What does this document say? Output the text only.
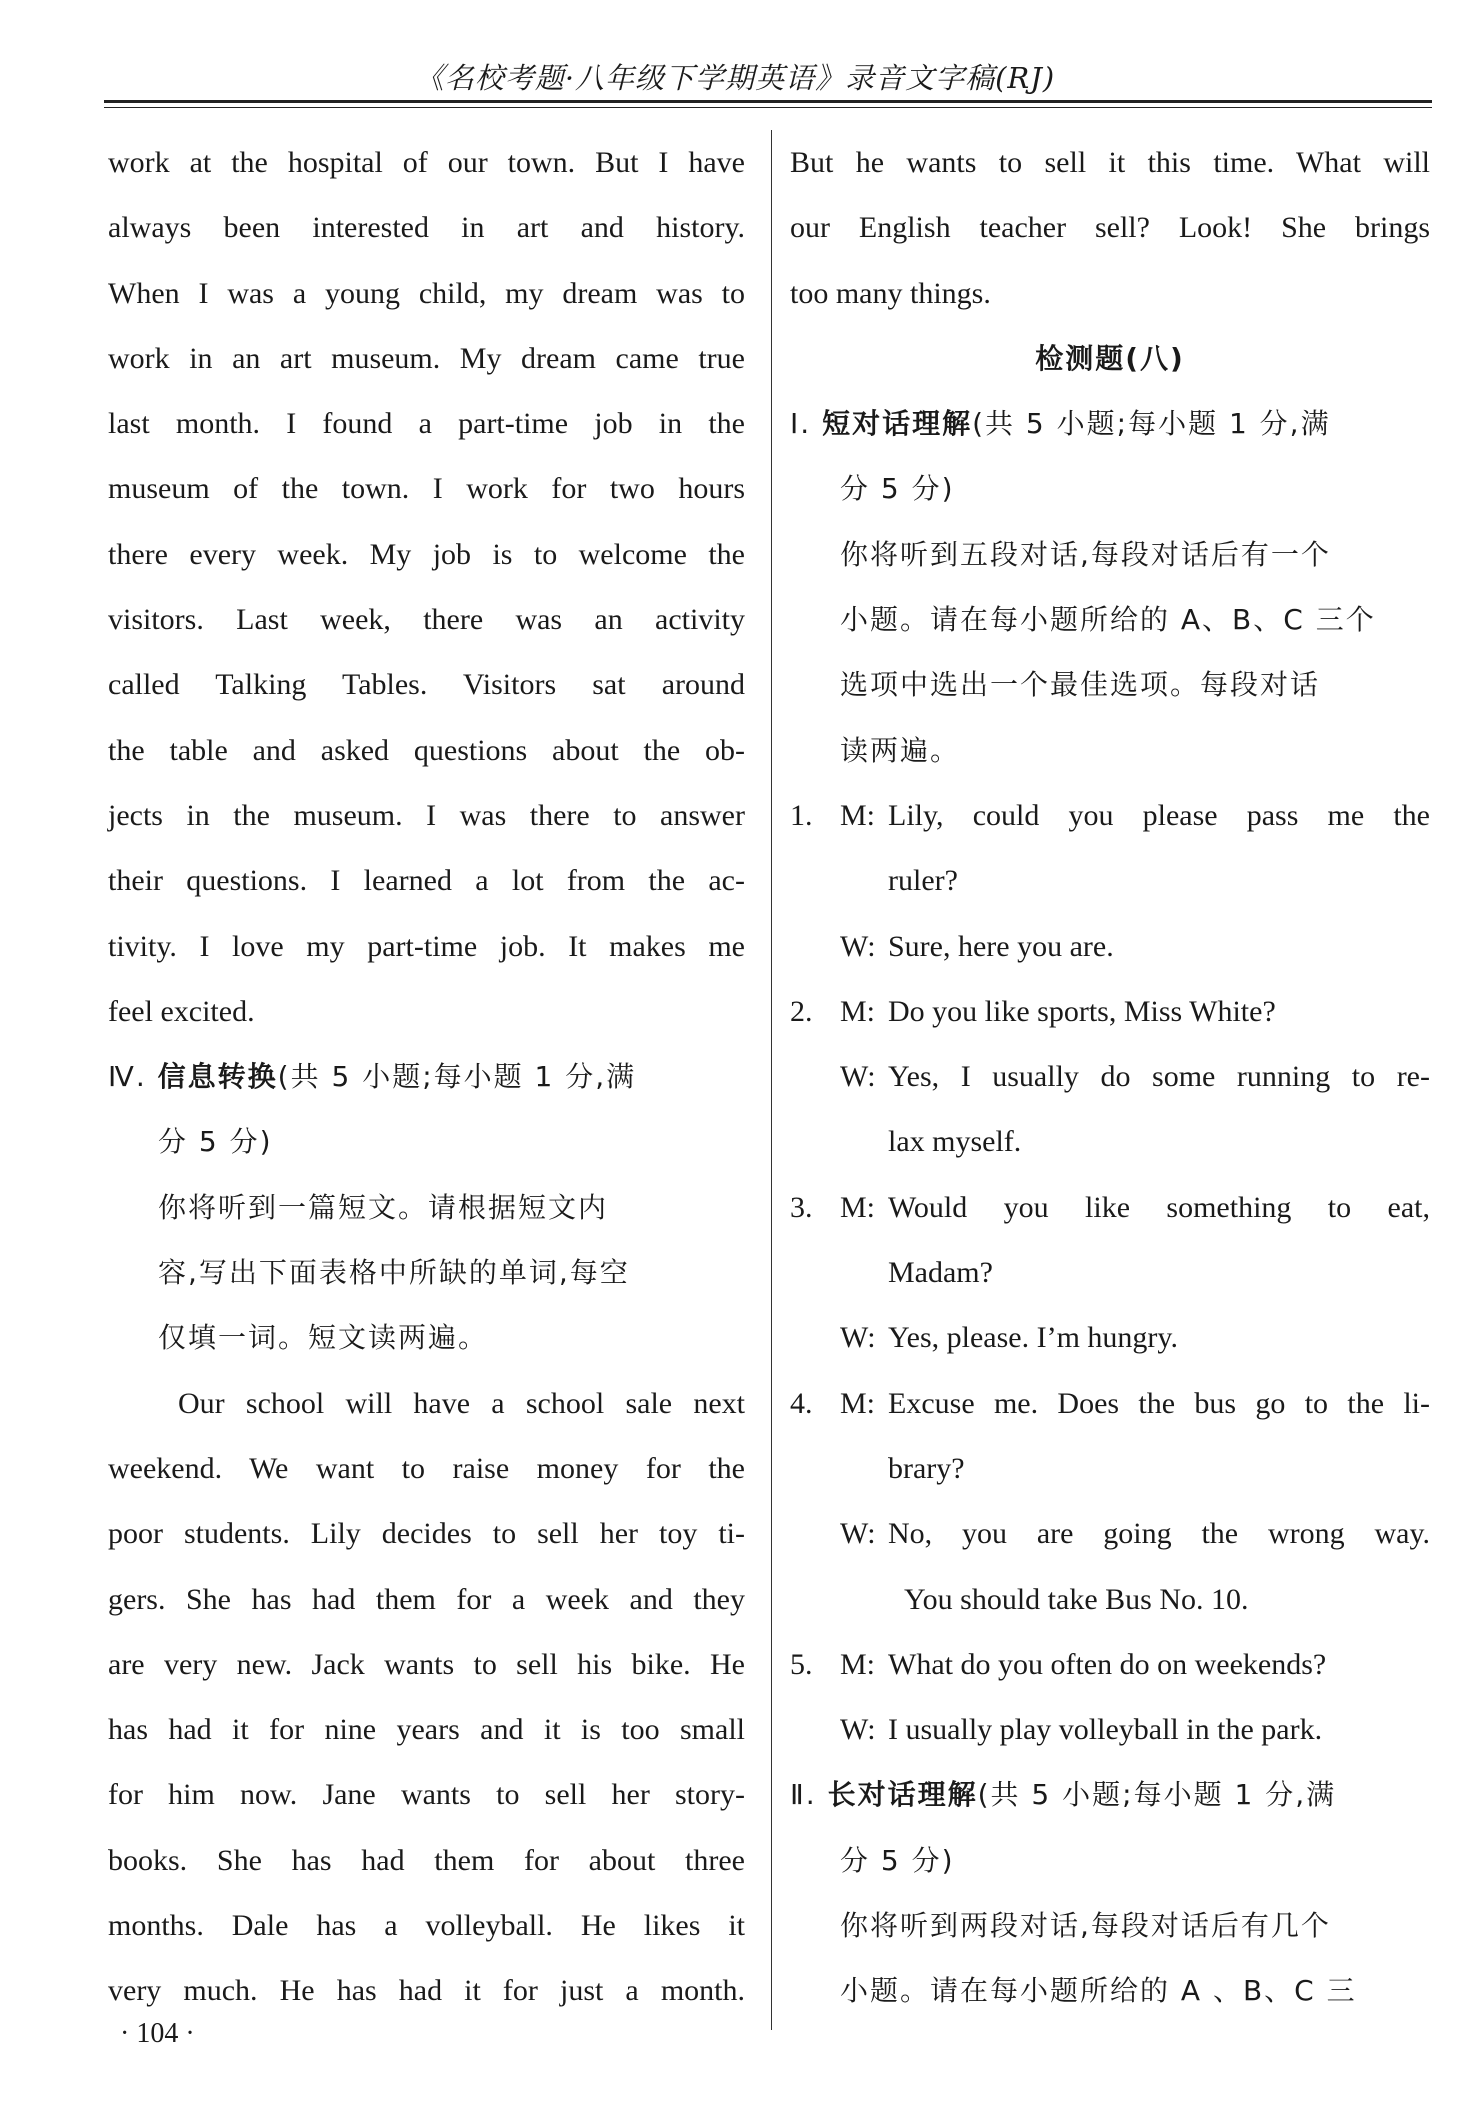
《名校考题·八年级下学期英语》录音文字稿(RJ)
work at the hospital of our town. But I have
always been interested in art and history.
When I was a young child, my dream was to
work in an art museum. My dream came true
last month. I found a part-time job in the
museum of the town. I work for two hours
there every week. My job is to welcome the
visitors. Last week, there was an activity
called Talking Tables. Visitors sat around
the table and asked questions about the ob-
jects in the museum. I was there to answer
their questions. I learned a lot from the ac-
tivity. I love my part-time job. It makes me
feel excited.
Ⅳ. 信息转换(共 5 小题;每小题 1 分,满
分 5 分)
你将听到一篇短文。请根据短文内
容,写出下面表格中所缺的单词,每空
仅填一词。短文读两遍。
Our school will have a school sale next
weekend. We want to raise money for the
poor students. Lily decides to sell her toy ti-
gers. She has had them for a week and they
are very new. Jack wants to sell his bike. He
has had it for nine years and it is too small
for him now. Jane wants to sell her story-
books. She has had them for about three
months. Dale has a volleyball. He likes it
very much. He has had it for just a month.
But he wants to sell it this time. What will
our English teacher sell? Look! She brings
too many things.
检测题(八)
Ⅰ. 短对话理解(共 5 小题;每小题 1 分,满
分 5 分)
你将听到五段对话,每段对话后有一个
小题。请在每小题所给的 A、B、C 三个
选项中选出一个最佳选项。每段对话
读两遍。
1. M: Lily, could you please pass me the
ruler?
W: Sure, here you are.
2. M: Do you like sports, Miss White?
W: Yes, I usually do some running to re-
lax myself.
3. M: Would you like something to eat,
Madam?
W: Yes, please. I’m hungry.
4. M: Excuse me. Does the bus go to the li-
brary?
W: No, you are going the wrong way.
You should take Bus No. 10.
5. M: What do you often do on weekends?
W: I usually play volleyball in the park.
Ⅱ. 长对话理解(共 5 小题;每小题 1 分,满
分 5 分)
你将听到两段对话,每段对话后有几个
小题。请在每小题所给的 A 、B、C 三
· 104 ·
